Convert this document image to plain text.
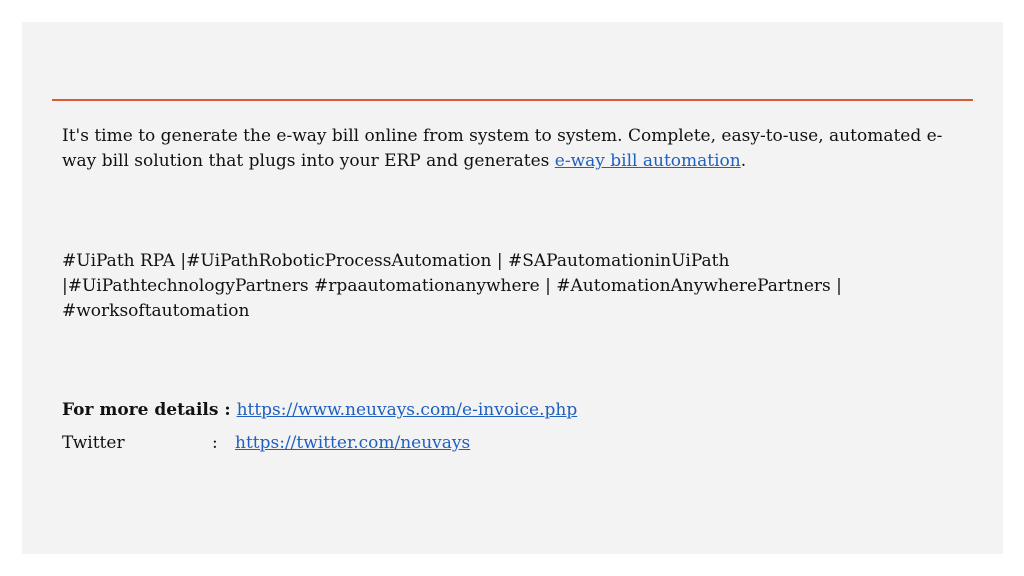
It's time to generate the e-way bill online from system to system. Complete, easy-to-use, automated e-way bill solution that plugs into your ERP and generates e-way bill automation.

#UiPath RPA |#UiPathRoboticProcessAutomation | #SAPautomationinUiPath
|#UiPathtechnologyPartners #rpaautomationanywhere | #AutomationAnywherePartners |
#worksoftautomation

For more details : https://www.neuvays.com/e-invoice.php
Twitter	: https://twitter.com/neuvays
